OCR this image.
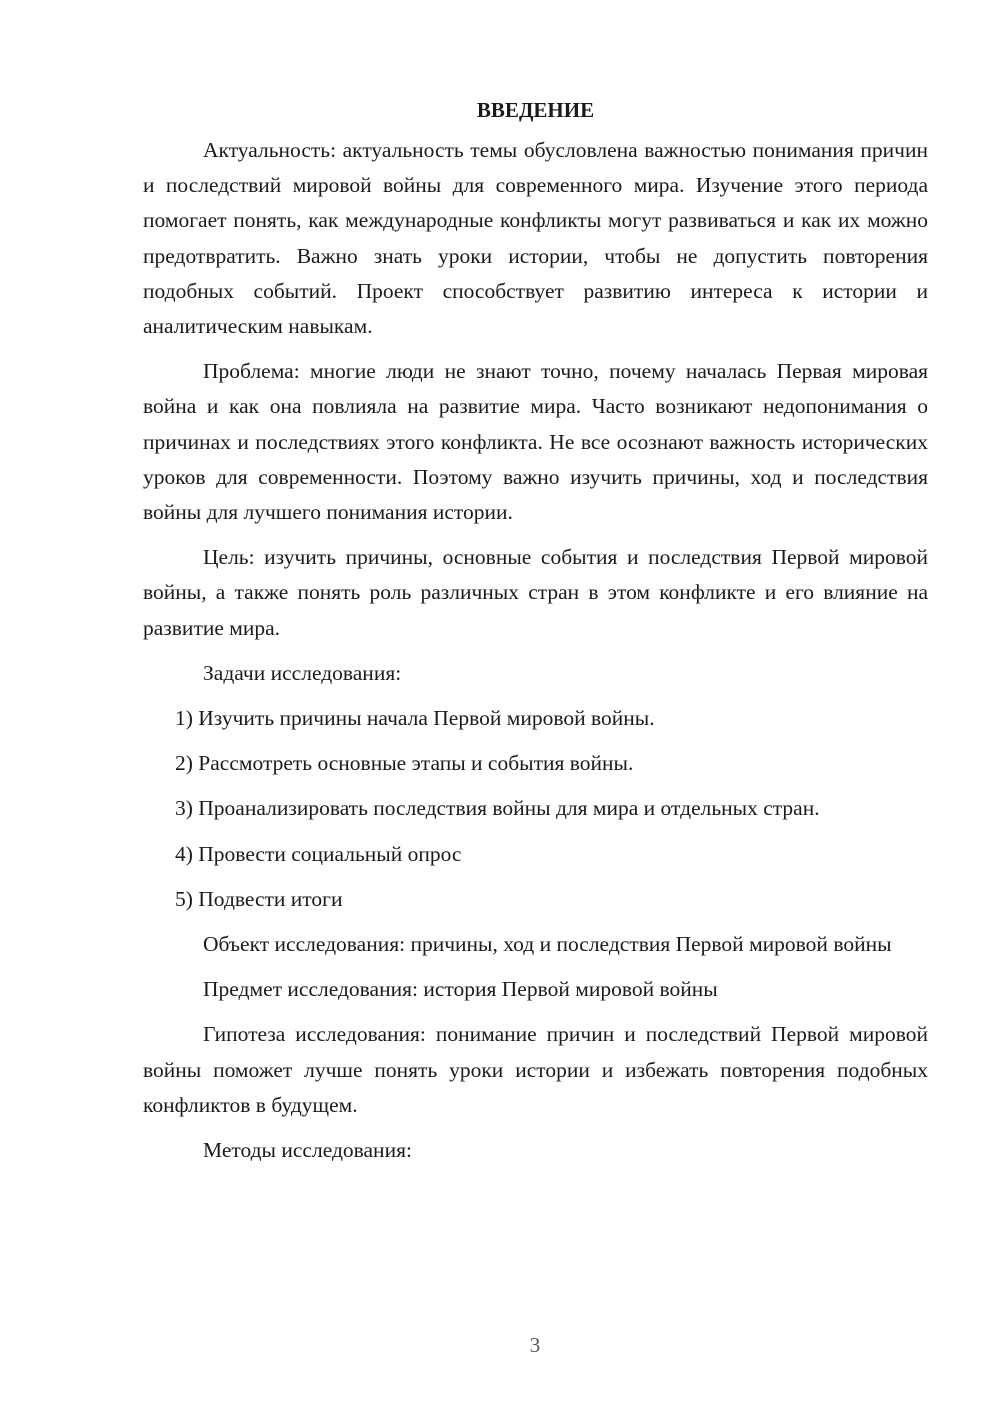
ВВЕДЕНИЕ

Актуальность: актуальность темы обусловлена важностью понимания причин и последствий мировой войны для современного мира. Изучение этого периода помогает понять, как международные конфликты могут развиваться и как их можно предотвратить. Важно знать уроки истории, чтобы не допустить повторения подобных событий. Проект способствует развитию интереса к истории и аналитическим навыкам.

Проблема: многие люди не знают точно, почему началась Первая мировая война и как она повлияла на развитие мира. Часто возникают недопонимания о причинах и последствиях этого конфликта. Не все осознают важность исторических уроков для современности. Поэтому важно изучить причины, ход и последствия войны для лучшего понимания истории.

Цель: изучить причины, основные события и последствия Первой мировой войны, а также понять роль различных стран в этом конфликте и его влияние на развитие мира.

Задачи исследования:

1) Изучить причины начала Первой мировой войны.
2) Рассмотреть основные этапы и события войны.
3) Проанализировать последствия войны для мира и отдельных стран.
4) Провести социальный опрос
5) Подвести итоги

Объект исследования: причины, ход и последствия Первой мировой войны

Предмет исследования: история Первой мировой войны

Гипотеза исследования: понимание причин и последствий Первой мировой войны поможет лучше понять уроки истории и избежать повторения подобных конфликтов в будущем.

Методы исследования:

3
